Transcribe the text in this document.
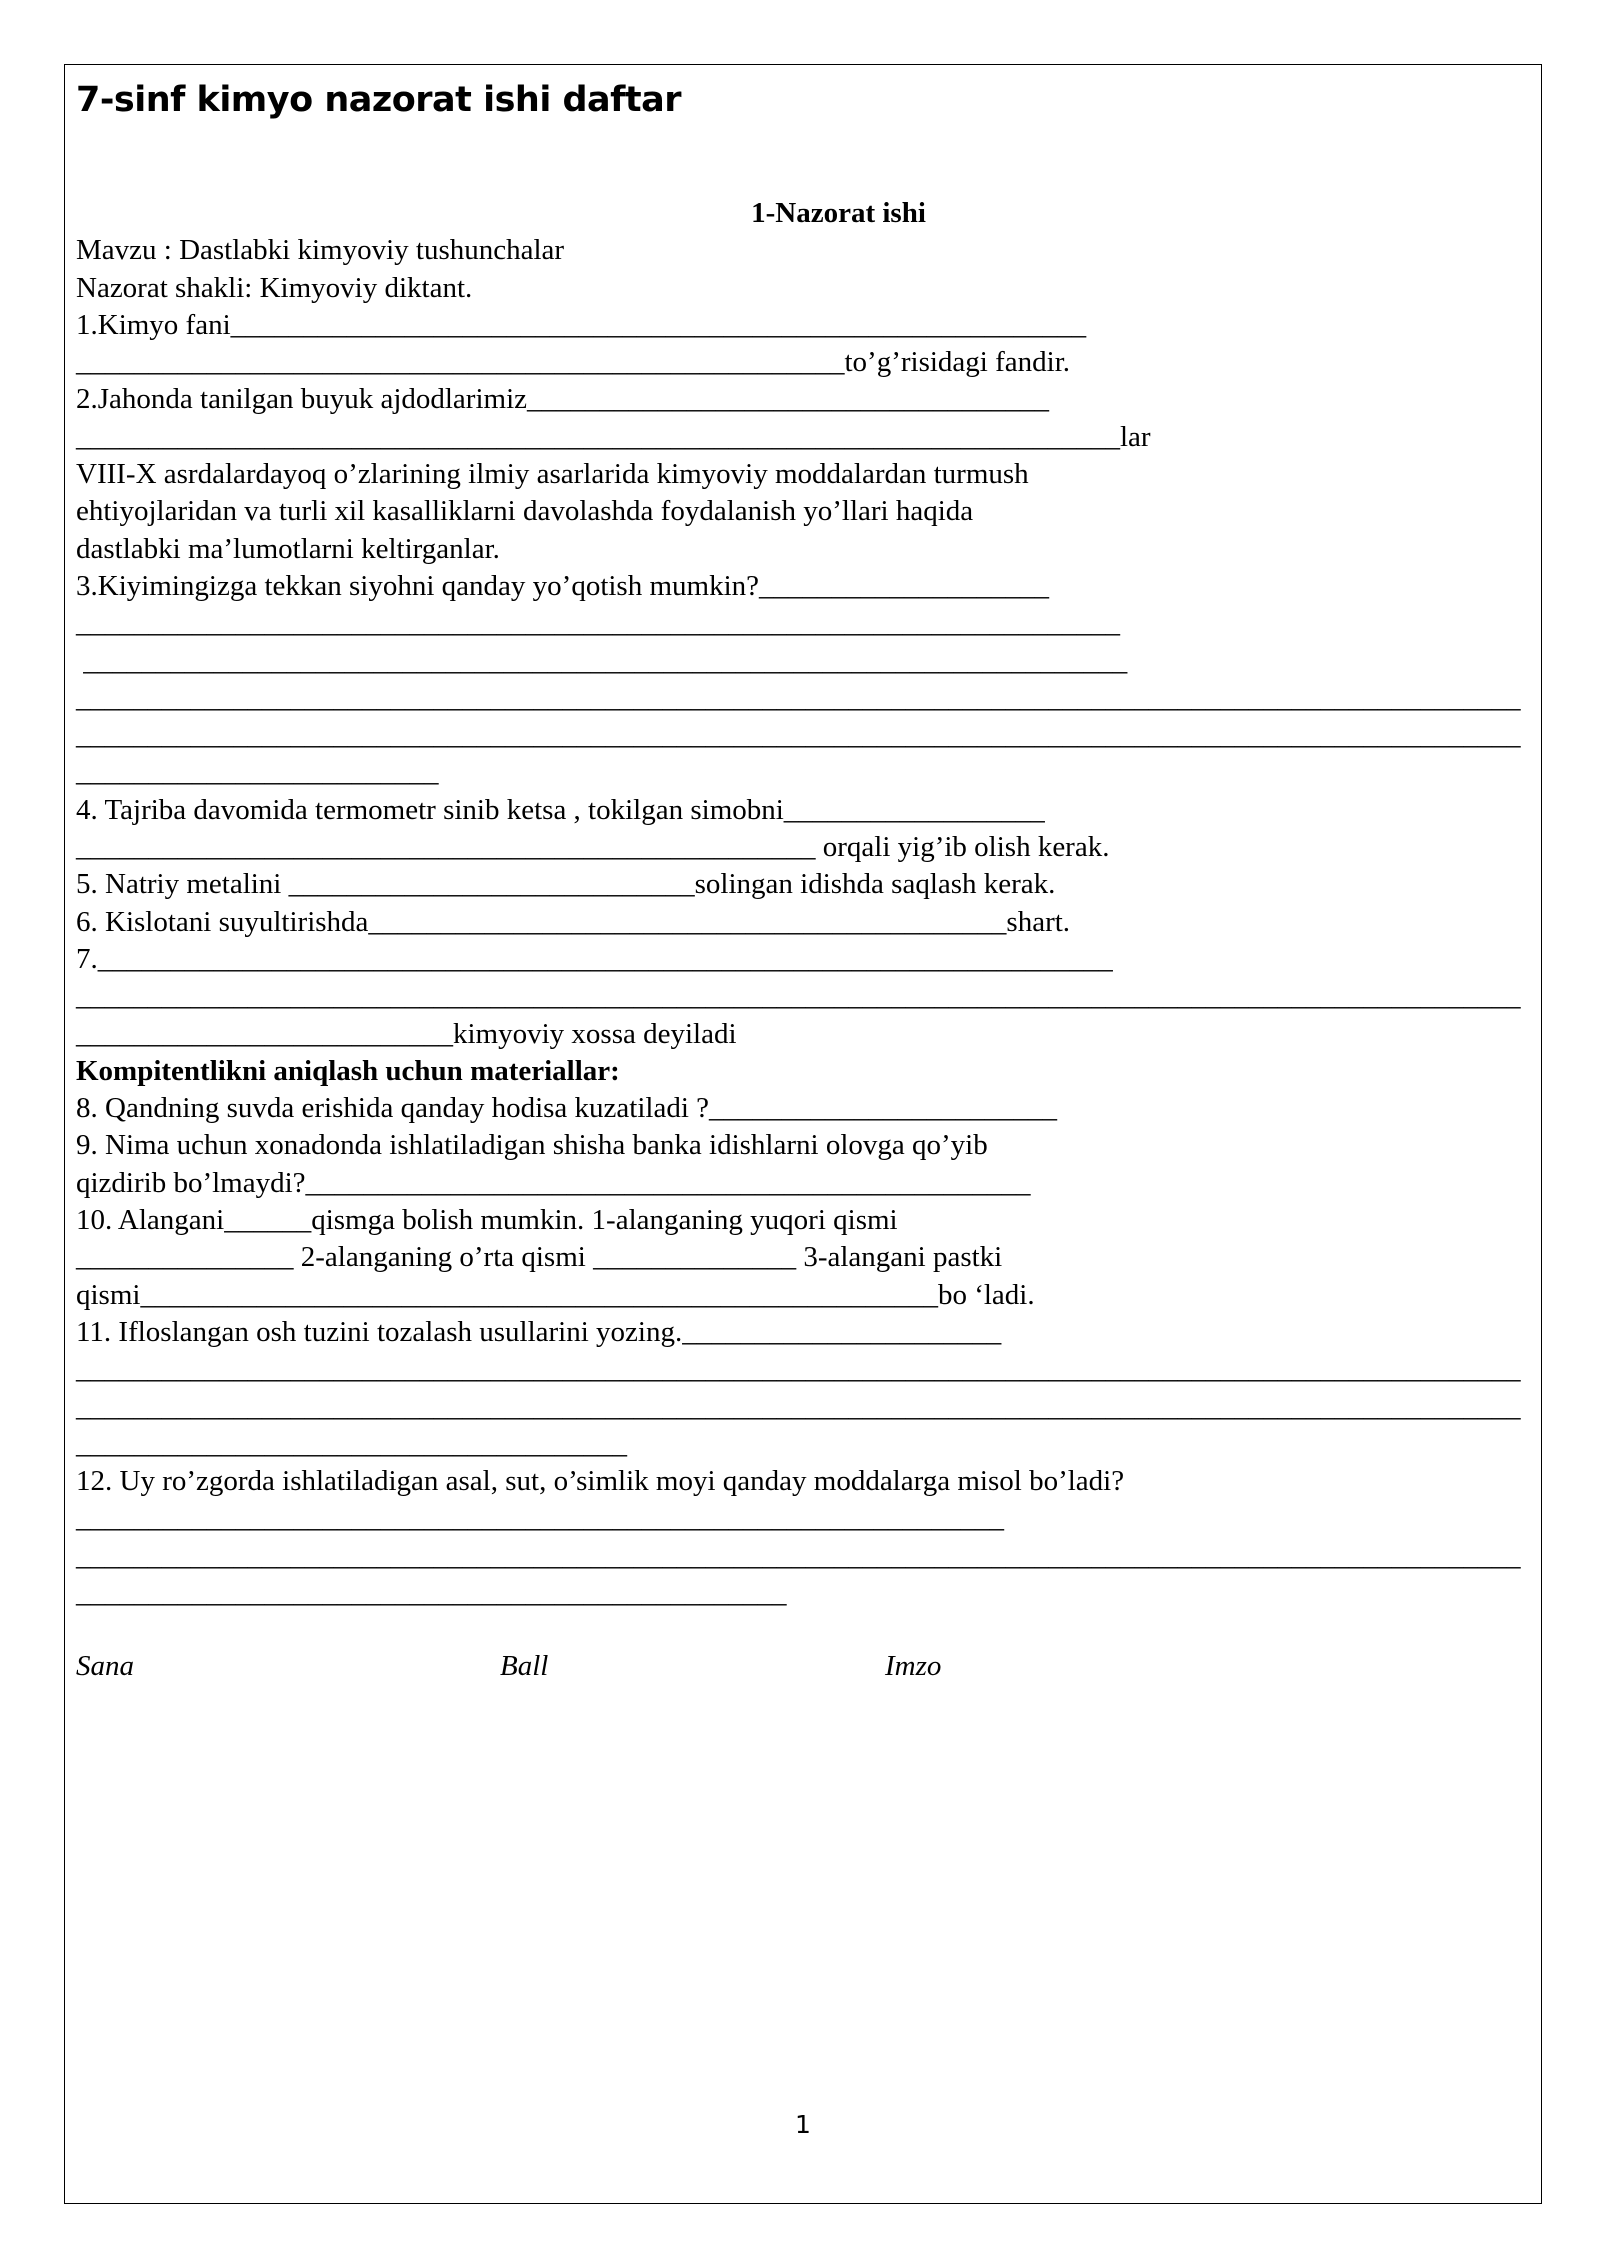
7-sinf kimyo nazorat ishi daftar
1-Nazorat ishi
Mavzu : Dastlabki kimyoviy tushunchalar
Nazorat shakli: Kimyoviy diktant.
1.Kimyo fani___________________________________________________________
_____________________________________________________to’g’risidagi fandir.
2.Jahonda tanilgan buyuk ajdodlarimiz____________________________________
________________________________________________________________________lar
VIII-X asrdalardayoq o’zlarining ilmiy asarlarida kimyoviy moddalardan turmush
ehtiyojlaridan va turli xil kasalliklarni davolashda foydalanish yo’llari haqida
dastlabki ma’lumotlarni keltirganlar.
3.Kiyimingizga tekkan siyohni qanday yo’qotish mumkin?____________________
________________________________________________________________________
________________________________________________________________________
_____________________________________________________________________________________________________
_____________________________________________________________________________________________________
_________________________
4. Tajriba davomida termometr sinib ketsa , tokilgan simobni__________________
___________________________________________________ orqali yig’ib olish kerak.
5. Natriy metalini ____________________________solingan idishda saqlash kerak.
6. Kislotani suyultirishda____________________________________________shart.
7.______________________________________________________________________
_____________________________________________________________________________________________________
__________________________kimyoviy xossa deyiladi
Kompitentlikni aniqlash uchun materiallar:
8. Qandning suvda erishida qanday hodisa kuzatiladi ?________________________
9. Nima uchun xonadonda ishlatiladigan shisha banka idishlarni olovga qo’yib
qizdirib bo’lmaydi?__________________________________________________
10. Alangani______qismga bolish mumkin. 1-alanganing yuqori qismi
_______________ 2-alanganing o’rta qismi ______________ 3-alangani pastki
qismi_______________________________________________________bo ‘ladi.
11. Ifloslangan osh tuzini tozalash usullarini yozing.______________________
_____________________________________________________________________________________________________
_____________________________________________________________________________________________________
______________________________________
12. Uy ro’zgorda ishlatiladigan asal, sut, o’simlik moyi qanday moddalarga misol bo’ladi?
________________________________________________________________
_____________________________________________________________________________________________________
_________________________________________________
Sana	Ball	Imzo
1
